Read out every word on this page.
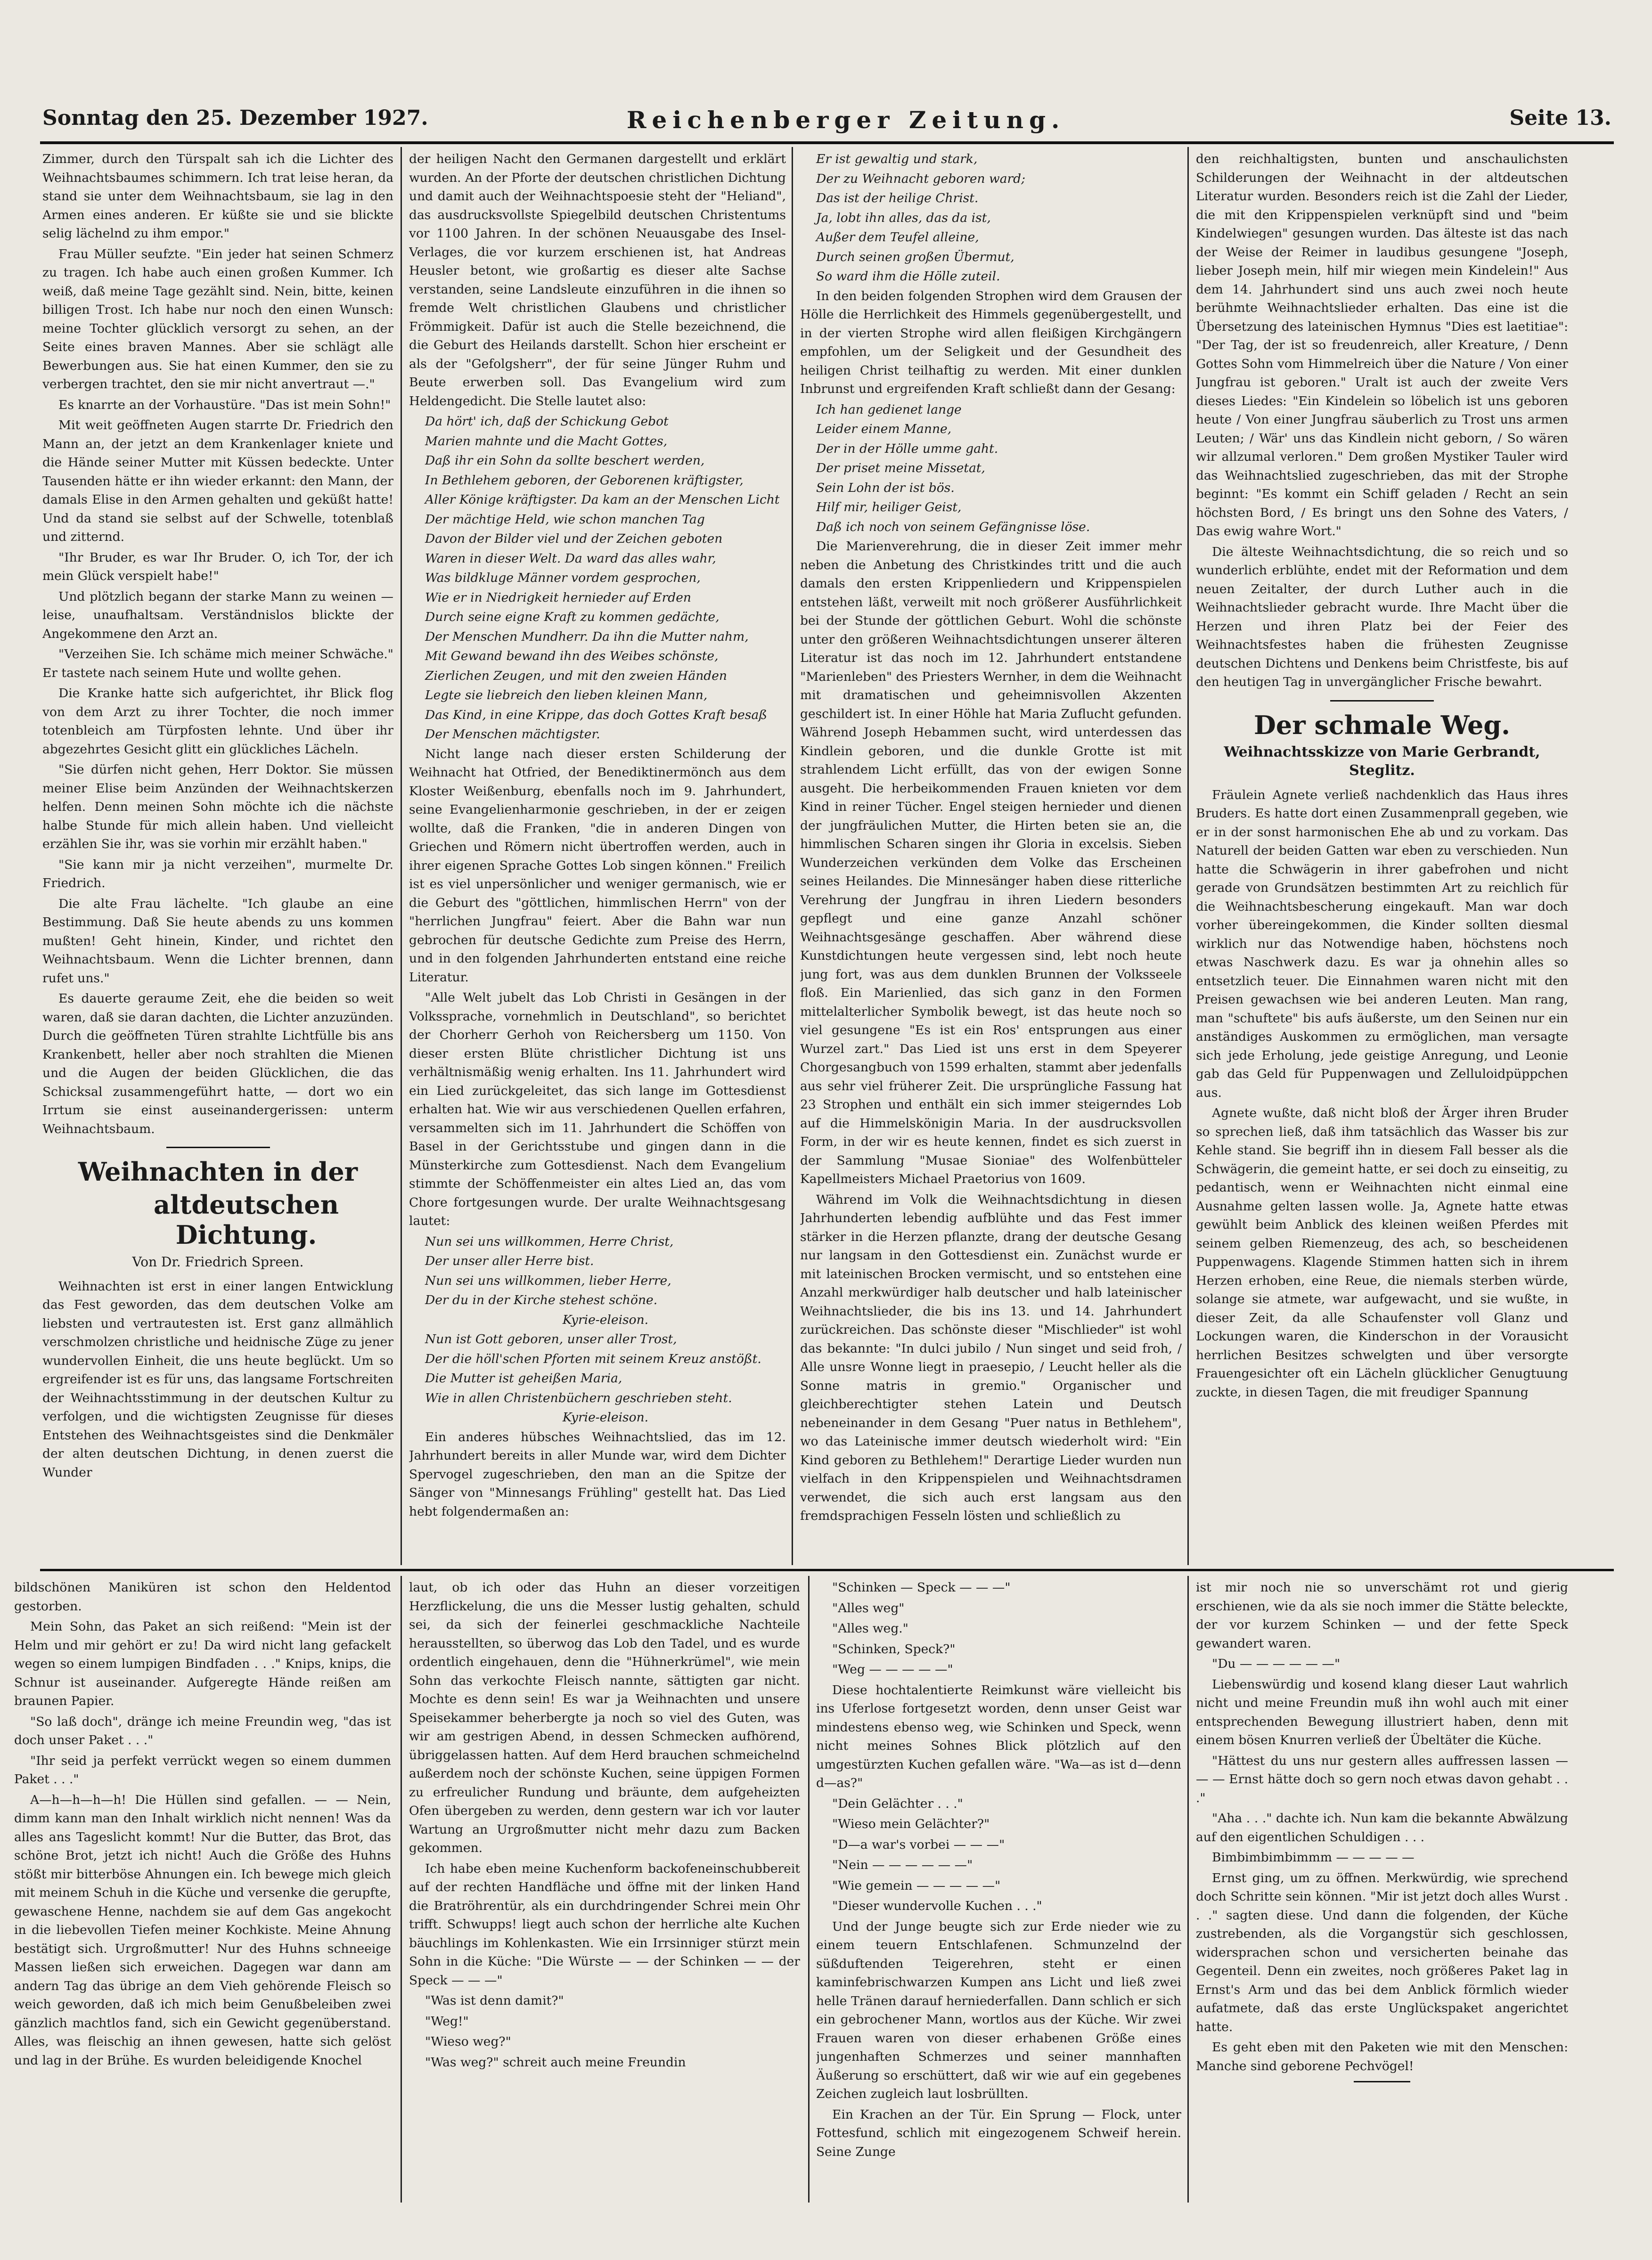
Sonntag den 25. Dezember 1927.	Reichenberger Zeitung.	Seite 13.

Zimmer, durch den Türspalt sah ich die Lichter des Weihnachtsbaumes schimmern. Ich trat leise heran, da stand sie unter dem Weihnachtsbaum, sie lag in den Armen eines anderen. Er küßte sie und sie blickte selig lächelnd zu ihm empor."

Frau Müller seufzte. "Ein jeder hat seinen Schmerz zu tragen. Ich habe auch einen großen Kummer. Ich weiß, daß meine Tage gezählt sind. Nein, bitte, keinen billigen Trost. Ich habe nur noch den einen Wunsch: meine Tochter glücklich versorgt zu sehen, an der Seite eines braven Mannes. Aber sie schlägt alle Bewerbungen aus. Sie hat einen Kummer, den sie zu verbergen trachtet, den sie mir nicht anvertraut —."

Es knarrte an der Vorhaustüre. "Das ist mein Sohn!"

Mit weit geöffneten Augen starrte Dr. Friedrich den Mann an, der jetzt an dem Krankenlager kniete und die Hände seiner Mutter mit Küssen bedeckte. Unter Tausenden hätte er ihn wieder erkannt: den Mann, der damals Elise in den Armen gehalten und geküßt hatte! Und da stand sie selbst auf der Schwelle, totenblaß und zitternd.

"Ihr Bruder, es war Ihr Bruder. O, ich Tor, der ich mein Glück verspielt habe!"

Und plötzlich begann der starke Mann zu weinen — leise, unaufhaltsam. Verständnislos blickte der Angekommene den Arzt an.

"Verzeihen Sie. Ich schäme mich meiner Schwäche." Er tastete nach seinem Hute und wollte gehen.

Die Kranke hatte sich aufgerichtet, ihr Blick flog von dem Arzt zu ihrer Tochter, die noch immer totenbleich am Türpfosten lehnte. Und über ihr abgezehrtes Gesicht glitt ein glückliches Lächeln.

"Sie dürfen nicht gehen, Herr Doktor. Sie müssen meiner Elise beim Anzünden der Weihnachtskerzen helfen. Denn meinen Sohn möchte ich die nächste halbe Stunde für mich allein haben. Und vielleicht erzählen Sie ihr, was sie vorhin mir erzählt haben."

"Sie kann mir ja nicht verzeihen", murmelte Dr. Friedrich.

Die alte Frau lächelte. "Ich glaube an eine Bestimmung. Daß Sie heute abends zu uns kommen mußten! Geht hinein, Kinder, und richtet den Weihnachtsbaum. Wenn die Lichter brennen, dann rufet uns."

Es dauerte geraume Zeit, ehe die beiden so weit waren, daß sie daran dachten, die Lichter anzuzünden. Durch die geöffneten Türen strahlte Lichtfülle bis ans Krankenbett, heller aber noch strahlten die Mienen und die Augen der beiden Glücklichen, die das Schicksal zusammengeführt hatte, — dort wo ein Irrtum sie einst auseinandergerissen: unterm Weihnachtsbaum.

Weihnachten in der
altdeutschen Dichtung.
Von Dr. Friedrich Spreen.

Weihnachten ist erst in einer langen Entwicklung das Fest geworden, das dem deutschen Volke am liebsten und vertrautesten ist. Erst ganz allmählich verschmolzen christliche und heidnische Züge zu jener wundervollen Einheit, die uns heute beglückt. Um so ergreifender ist es für uns, das langsame Fortschreiten der Weihnachtsstimmung in der deutschen Kultur zu verfolgen, und die wichtigsten Zeugnisse für dieses Entstehen des Weihnachtsgeistes sind die Denkmäler der alten deutschen Dichtung, in denen zuerst die Wunder

der heiligen Nacht den Germanen dargestellt und erklärt wurden. An der Pforte der deutschen christlichen Dichtung und damit auch der Weihnachtspoesie steht der "Heliand", das ausdrucksvollste Spiegelbild deutschen Christentums vor 1100 Jahren. In der schönen Neuausgabe des Insel-Verlages, die vor kurzem erschienen ist, hat Andreas Heusler betont, wie großartig es dieser alte Sachse verstanden, seine Landsleute einzuführen in die ihnen so fremde Welt christlichen Glaubens und christlicher Frömmigkeit. Dafür ist auch die Stelle bezeichnend, die die Geburt des Heilands darstellt. Schon hier erscheint er als der "Gefolgsherr", der für seine Jünger Ruhm und Beute erwerben soll. Das Evangelium wird zum Heldengedicht. Die Stelle lautet also:

Da hört' ich, daß der Schickung Gebot

Marien mahnte und die Macht Gottes,

Daß ihr ein Sohn da sollte beschert werden,

In Bethlehem geboren, der Geborenen kräftigster,

Aller Könige kräftigster. Da kam an der Menschen Licht

Der mächtige Held, wie schon manchen Tag

Davon der Bilder viel und der Zeichen geboten

Waren in dieser Welt. Da ward das alles wahr,

Was bildkluge Männer vordem gesprochen,

Wie er in Niedrigkeit hernieder auf Erden

Durch seine eigne Kraft zu kommen gedächte,

Der Menschen Mundherr. Da ihn die Mutter nahm,

Mit Gewand bewand ihn des Weibes schönste,

Zierlichen Zeugen, und mit den zweien Händen

Legte sie liebreich den lieben kleinen Mann,

Das Kind, in eine Krippe, das doch Gottes Kraft besaß

Der Menschen mächtigster.

Nicht lange nach dieser ersten Schilderung der Weihnacht hat Otfried, der Benediktinermönch aus dem Kloster Weißenburg, ebenfalls noch im 9. Jahrhundert, seine Evangelienharmonie geschrieben, in der er zeigen wollte, daß die Franken, "die in anderen Dingen von Griechen und Römern nicht übertroffen werden, auch in ihrer eigenen Sprache Gottes Lob singen können." Freilich ist es viel unpersönlicher und weniger germanisch, wie er die Geburt des "göttlichen, himmlischen Herrn" von der "herrlichen Jungfrau" feiert. Aber die Bahn war nun gebrochen für deutsche Gedichte zum Preise des Herrn, und in den folgenden Jahrhunderten entstand eine reiche Literatur.

"Alle Welt jubelt das Lob Christi in Gesängen in der Volkssprache, vornehmlich in Deutschland", so berichtet der Chorherr Gerhoh von Reichersberg um 1150. Von dieser ersten Blüte christlicher Dichtung ist uns verhältnismäßig wenig erhalten. Ins 11. Jahrhundert wird ein Lied zurückgeleitet, das sich lange im Gottesdienst erhalten hat. Wie wir aus verschiedenen Quellen erfahren, versammelten sich im 11. Jahrhundert die Schöffen von Basel in der Gerichtsstube und gingen dann in die Münsterkirche zum Gottesdienst. Nach dem Evangelium stimmte der Schöffenmeister ein altes Lied an, das vom Chore fortgesungen wurde. Der uralte Weihnachtsgesang lautet:

Nun sei uns willkommen, Herre Christ,

Der unser aller Herre bist.

Nun sei uns willkommen, lieber Herre,

Der du in der Kirche stehest schöne.

Kyrie-eleison.

Nun ist Gott geboren, unser aller Trost,

Der die höll'schen Pforten mit seinem Kreuz anstößt.

Die Mutter ist geheißen Maria,

Wie in allen Christenbüchern geschrieben steht.

Kyrie-eleison.

Ein anderes hübsches Weihnachtslied, das im 12. Jahrhundert bereits in aller Munde war, wird dem Dichter Spervogel zugeschrieben, den man an die Spitze der Sänger von "Minnesangs Frühling" gestellt hat. Das Lied hebt folgendermaßen an:

Er ist gewaltig und stark,

Der zu Weihnacht geboren ward;

Das ist der heilige Christ.

Ja, lobt ihn alles, das da ist,

Außer dem Teufel alleine,

Durch seinen großen Übermut,

So ward ihm die Hölle zuteil.

In den beiden folgenden Strophen wird dem Grausen der Hölle die Herrlichkeit des Himmels gegenübergestellt, und in der vierten Strophe wird allen fleißigen Kirchgängern empfohlen, um der Seligkeit und der Gesundheit des heiligen Christ teilhaftig zu werden. Mit einer dunklen Inbrunst und ergreifenden Kraft schließt dann der Gesang:

Ich han gedienet lange

Leider einem Manne,

Der in der Hölle umme gaht.

Der priset meine Missetat,

Sein Lohn der ist bös.

Hilf mir, heiliger Geist,

Daß ich noch von seinem Gefängnisse löse.

Die Marienverehrung, die in dieser Zeit immer mehr neben die Anbetung des Christkindes tritt und die auch damals den ersten Krippenliedern und Krippenspielen entstehen läßt, verweilt mit noch größerer Ausführlichkeit bei der Stunde der göttlichen Geburt. Wohl die schönste unter den größeren Weihnachtsdichtungen unserer älteren Literatur ist das noch im 12. Jahrhundert entstandene "Marienleben" des Priesters Wernher, in dem die Weihnacht mit dramatischen und geheimnisvollen Akzenten geschildert ist. In einer Höhle hat Maria Zuflucht gefunden. Während Joseph Hebammen sucht, wird unterdessen das Kindlein geboren, und die dunkle Grotte ist mit strahlendem Licht erfüllt, das von der ewigen Sonne ausgeht. Die herbeikommenden Frauen knieten vor dem Kind in reiner Tücher. Engel steigen hernieder und dienen der jungfräulichen Mutter, die Hirten beten sie an, die himmlischen Scharen singen ihr Gloria in excelsis. Sieben Wunderzeichen verkünden dem Volke das Erscheinen seines Heilandes. Die Minnesänger haben diese ritterliche Verehrung der Jungfrau in ihren Liedern besonders gepflegt und eine ganze Anzahl schöner Weihnachtsgesänge geschaffen. Aber während diese Kunstdichtungen heute vergessen sind, lebt noch heute jung fort, was aus dem dunklen Brunnen der Volksseele floß. Ein Marienlied, das sich ganz in den Formen mittelalterlicher Symbolik bewegt, ist das heute noch so viel gesungene "Es ist ein Ros' entsprungen aus einer Wurzel zart." Das Lied ist uns erst in dem Speyerer Chorgesangbuch von 1599 erhalten, stammt aber jedenfalls aus sehr viel früherer Zeit. Die ursprüngliche Fassung hat 23 Strophen und enthält ein sich immer steigerndes Lob auf die Himmelskönigin Maria. In der ausdrucksvollen Form, in der wir es heute kennen, findet es sich zuerst in der Sammlung "Musae Sioniae" des Wolfenbütteler Kapellmeisters Michael Praetorius von 1609.

Während im Volk die Weihnachtsdichtung in diesen Jahrhunderten lebendig aufblühte und das Fest immer stärker in die Herzen pflanzte, drang der deutsche Gesang nur langsam in den Gottesdienst ein. Zunächst wurde er mit lateinischen Brocken vermischt, und so entstehen eine Anzahl merkwürdiger halb deutscher und halb lateinischer Weihnachtslieder, die bis ins 13. und 14. Jahrhundert zurückreichen. Das schönste dieser "Mischlieder" ist wohl das bekannte: "In dulci jubilo / Nun singet und seid froh, / Alle unsre Wonne liegt in praesepio, / Leucht heller als die Sonne matris in gremio." Organischer und gleichberechtigter stehen Latein und Deutsch nebeneinander in dem Gesang "Puer natus in Bethlehem", wo das Lateinische immer deutsch wiederholt wird: "Ein Kind geboren zu Bethlehem!" Derartige Lieder wurden nun vielfach in den Krippenspielen und Weihnachtsdramen verwendet, die sich auch erst langsam aus den fremdsprachigen Fesseln lösten und schließlich zu

den reichhaltigsten, bunten und anschaulichsten Schilderungen der Weihnacht in der altdeutschen Literatur wurden. Besonders reich ist die Zahl der Lieder, die mit den Krippenspielen verknüpft sind und "beim Kindelwiegen" gesungen wurden. Das älteste ist das nach der Weise der Reimer in laudibus gesungene "Joseph, lieber Joseph mein, hilf mir wiegen mein Kindelein!" Aus dem 14. Jahrhundert sind uns auch zwei noch heute berühmte Weihnachtslieder erhalten. Das eine ist die Übersetzung des lateinischen Hymnus "Dies est laetitiae": "Der Tag, der ist so freudenreich, aller Kreature, / Denn Gottes Sohn vom Himmelreich über die Nature / Von einer Jungfrau ist geboren." Uralt ist auch der zweite Vers dieses Liedes: "Ein Kindelein so löbelich ist uns geboren heute / Von einer Jungfrau säuberlich zu Trost uns armen Leuten; / Wär' uns das Kindlein nicht geborn, / So wären wir allzumal verloren." Dem großen Mystiker Tauler wird das Weihnachtslied zugeschrieben, das mit der Strophe beginnt: "Es kommt ein Schiff geladen / Recht an sein höchsten Bord, / Es bringt uns den Sohne des Vaters, / Das ewig wahre Wort."

Die älteste Weihnachtsdichtung, die so reich und so wunderlich erblühte, endet mit der Reformation und dem neuen Zeitalter, der durch Luther auch in die Weihnachtslieder gebracht wurde. Ihre Macht über die Herzen und ihren Platz bei der Feier des Weihnachtsfestes haben die frühesten Zeugnisse deutschen Dichtens und Denkens beim Christfeste, bis auf den heutigen Tag in unvergänglicher Frische bewahrt.

Der schmale Weg.
Weihnachtsskizze von Marie Gerbrandt, Steglitz.

Fräulein Agnete verließ nachdenklich das Haus ihres Bruders. Es hatte dort einen Zusammenprall gegeben, wie er in der sonst harmonischen Ehe ab und zu vorkam. Das Naturell der beiden Gatten war eben zu verschieden. Nun hatte die Schwägerin in ihrer gabefrohen und nicht gerade von Grundsätzen bestimmten Art zu reichlich für die Weihnachtsbescherung eingekauft. Man war doch vorher übereingekommen, die Kinder sollten diesmal wirklich nur das Notwendige haben, höchstens noch etwas Naschwerk dazu. Es war ja ohnehin alles so entsetzlich teuer. Die Einnahmen waren nicht mit den Preisen gewachsen wie bei anderen Leuten. Man rang, man "schuftete" bis aufs äußerste, um den Seinen nur ein anständiges Auskommen zu ermöglichen, man versagte sich jede Erholung, jede geistige Anregung, und Leonie gab das Geld für Puppenwagen und Zelluloidpüppchen aus.

Agnete wußte, daß nicht bloß der Ärger ihren Bruder so sprechen ließ, daß ihm tatsächlich das Wasser bis zur Kehle stand. Sie begriff ihn in diesem Fall besser als die Schwägerin, die gemeint hatte, er sei doch zu einseitig, zu pedantisch, wenn er Weihnachten nicht einmal eine Ausnahme gelten lassen wolle. Ja, Agnete hatte etwas gewühlt beim Anblick des kleinen weißen Pferdes mit seinem gelben Riemenzeug, des ach, so bescheidenen Puppenwagens. Klagende Stimmen hatten sich in ihrem Herzen erhoben, eine Reue, die niemals sterben würde, solange sie atmete, war aufgewacht, und sie wußte, in dieser Zeit, da alle Schaufenster voll Glanz und Lockungen waren, die Kinderschon in der Vorausicht herrlichen Besitzes schwelgten und über versorgte Frauengesichter oft ein Lächeln glücklicher Genugtuung zuckte, in diesen Tagen, die mit freudiger Spannung

bildschönen Maniküren ist schon den Heldentod gestorben.

Mein Sohn, das Paket an sich reißend: "Mein ist der Helm und mir gehört er zu! Da wird nicht lang gefackelt wegen so einem lumpigen Bindfaden . . ." Knips, knips, die Schnur ist auseinander. Aufgeregte Hände reißen am braunen Papier.

"So laß doch", dränge ich meine Freundin weg, "das ist doch unser Paket . . ."

"Ihr seid ja perfekt verrückt wegen so einem dummen Paket . . ."

A—h—h—h—h! Die Hüllen sind gefallen. — — Nein, dimm kann man den Inhalt wirklich nicht nennen! Was da alles ans Tageslicht kommt! Nur die Butter, das Brot, das schöne Brot, jetzt ich nicht! Auch die Größe des Huhns stößt mir bitterböse Ahnungen ein. Ich bewege mich gleich mit meinem Schuh in die Küche und versenke die gerupfte, gewaschene Henne, nachdem sie auf dem Gas angekocht in die liebevollen Tiefen meiner Kochkiste. Meine Ahnung bestätigt sich. Urgroßmutter! Nur des Huhns schneeige Massen ließen sich erweichen. Dagegen war dann am andern Tag das übrige an dem Vieh gehörende Fleisch so weich geworden, daß ich mich beim Genußbeleiben zwei gänzlich machtlos fand, sich ein Gewicht gegenüberstand. Alles, was fleischig an ihnen gewesen, hatte sich gelöst und lag in der Brühe. Es wurden beleidigende Knochel

laut, ob ich oder das Huhn an dieser vorzeitigen Herzflickelung, die uns die Messer lustig gehalten, schuld sei, da sich der feinerlei geschmackliche Nachteile herausstellten, so überwog das Lob den Tadel, und es wurde ordentlich eingehauen, denn die "Hühnerkrümel", wie mein Sohn das verkochte Fleisch nannte, sättigten gar nicht. Mochte es denn sein! Es war ja Weihnachten und unsere Speisekammer beherbergte ja noch so viel des Guten, was wir am gestrigen Abend, in dessen Schmecken aufhörend, übriggelassen hatten. Auf dem Herd brauchen schmeichelnd außerdem noch der schönste Kuchen, seine üppigen Formen zu erfreulicher Rundung und bräunte, dem aufgeheizten Ofen übergeben zu werden, denn gestern war ich vor lauter Wartung an Urgroßmutter nicht mehr dazu zum Backen gekommen.

Ich habe eben meine Kuchenform backofeneinschubbereit auf der rechten Handfläche und öffne mit der linken Hand die Bratröhrentür, als ein durchdringender Schrei mein Ohr trifft. Schwupps! liegt auch schon der herrliche alte Kuchen bäuchlings im Kohlenkasten. Wie ein Irrsinniger stürzt mein Sohn in die Küche: "Die Würste — — der Schinken — — der Speck — — —"

"Was ist denn damit?"

"Weg!"

"Wieso weg?"

"Was weg?" schreit auch meine Freundin

"Schinken — Speck — — —"

"Alles weg"

"Alles weg."

"Schinken, Speck?"

"Weg — — — — —"

Diese hochtalentierte Reimkunst wäre vielleicht bis ins Uferlose fortgesetzt worden, denn unser Geist war mindestens ebenso weg, wie Schinken und Speck, wenn nicht meines Sohnes Blick plötzlich auf den umgestürzten Kuchen gefallen wäre. "Wa—as ist d—denn d—as?"

"Dein Gelächter . . ."

"Wieso mein Gelächter?"

"D—a war's vorbei — — —"

"Nein — — — — — —"

"Wie gemein — — — — —"

"Dieser wundervolle Kuchen . . ."

Und der Junge beugte sich zur Erde nieder wie zu einem teuern Entschlafenen. Schmunzelnd der süßduftenden Teigerehren, steht er einen kaminfebrischwarzen Kumpen ans Licht und ließ zwei helle Tränen darauf herniederfallen. Dann schlich er sich ein gebrochener Mann, wortlos aus der Küche. Wir zwei Frauen waren von dieser erhabenen Größe eines jungenhaften Schmerzes und seiner mannhaften Äußerung so erschüttert, daß wir wie auf ein gegebenes Zeichen zugleich laut losbrüllten.

Ein Krachen an der Tür. Ein Sprung — Flock, unter Fottesfund, schlich mit eingezogenem Schweif herein. Seine Zunge

ist mir noch nie so unverschämt rot und gierig erschienen, wie da als sie noch immer die Stätte beleckte, der vor kurzem Schinken — und der fette Speck gewandert waren.

"Du — — — — — —"

Liebenswürdig und kosend klang dieser Laut wahrlich nicht und meine Freundin muß ihn wohl auch mit einer entsprechenden Bewegung illustriert haben, denn mit einem bösen Knurren verließ der Übeltäter die Küche.

"Hättest du uns nur gestern alles auffressen lassen — — — Ernst hätte doch so gern noch etwas davon gehabt . . ."

"Aha . . ." dachte ich. Nun kam die bekannte Abwälzung auf den eigentlichen Schuldigen . . .

Bimbimbimbimmm — — — — —

Ernst ging, um zu öffnen. Merkwürdig, wie sprechend doch Schritte sein können. "Mir ist jetzt doch alles Wurst . . ." sagten diese. Und dann die folgenden, der Küche zustrebenden, als die Vorgangstür sich geschlossen, widersprachen schon und versicherten beinahe das Gegenteil. Denn ein zweites, noch größeres Paket lag in Ernst's Arm und das bei dem Anblick förmlich wieder aufatmete, daß das erste Unglückspaket angerichtet hatte.

Es geht eben mit den Paketen wie mit den Menschen: Manche sind geborene Pechvögel!
